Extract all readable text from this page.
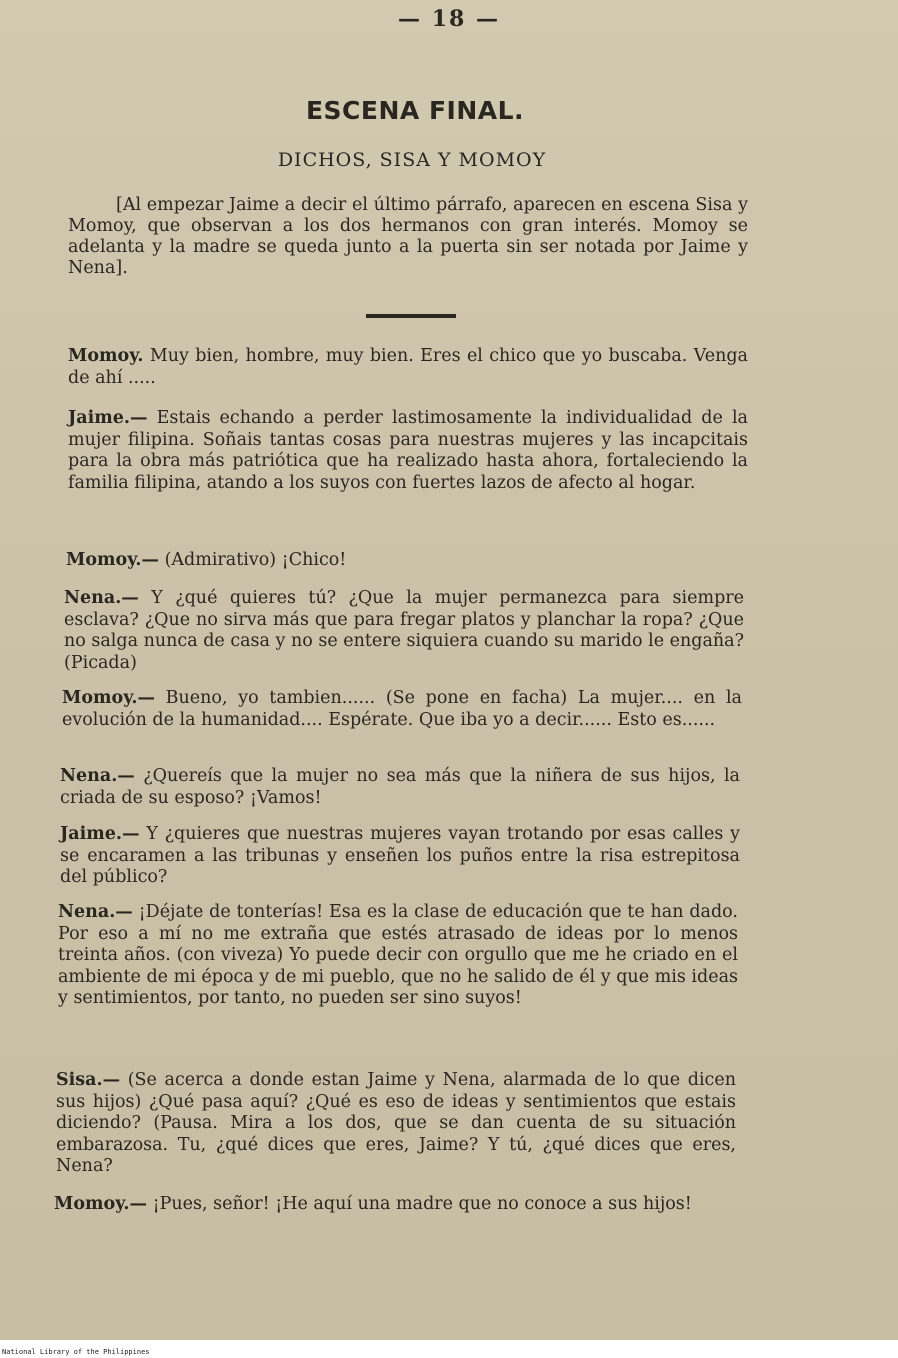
— 18 —
ESCENA FINAL.
DICHOS, SISA Y MOMOY
[Al empezar Jaime a decir el último párrafo, aparecen en escena Sisa y Momoy, que observan a los dos hermanos con gran interés. Momoy se adelanta y la madre se queda junto a la puerta sin ser notada por Jaime y Nena].
Momoy. Muy bien, hombre, muy bien. Eres el chico que yo buscaba. Venga de ahí .....
Jaime.— Estais echando a perder lastimosamente la individualidad de la mujer filipina. Soñais tantas cosas para nuestras mujeres y las incapcitais para la obra más patriótica que ha realizado hasta ahora, fortaleciendo la familia filipina, atando a los suyos con fuertes lazos de afecto al hogar.
Momoy.— (Admirativo) ¡Chico!
Nena.— Y ¿qué quieres tú? ¿Que la mujer permanezca para siempre esclava? ¿Que no sirva más que para fregar platos y planchar la ropa? ¿Que no salga nunca de casa y no se entere siquiera cuando su marido le engaña? (Picada)
Momoy.— Bueno, yo tambien...... (Se pone en facha) La mujer.... en la evolución de la humanidad.... Espérate. Que iba yo a decir...... Esto es......
Nena.— ¿Quereís que la mujer no sea más que la niñera de sus hijos, la criada de su esposo? ¡Vamos!
Jaime.— Y ¿quieres que nuestras mujeres vayan trotando por esas calles y se encaramen a las tribunas y enseñen los puños entre la risa estrepitosa del público?
Nena.— ¡Déjate de tonterías! Esa es la clase de educación que te han dado. Por eso a mí no me extraña que estés atrasado de ideas por lo menos treinta años. (con viveza) Yo puede decir con orgullo que me he criado en el ambiente de mi época y de mi pueblo, que no he salido de él y que mis ideas y sentimientos, por tanto, no pueden ser sino suyos!
Sisa.— (Se acerca a donde estan Jaime y Nena, alarmada de lo que dicen sus hijos) ¿Qué pasa aquí? ¿Qué es eso de ideas y sentimientos que estais diciendo? (Pausa. Mira a los dos, que se dan cuenta de su situación embarazosa. Tu, ¿qué dices que eres, Jaime? Y tú, ¿qué dices que eres, Nena?
Momoy.— ¡Pues, señor! ¡He aquí una madre que no conoce a sus hijos!
National Library of the Philippines
